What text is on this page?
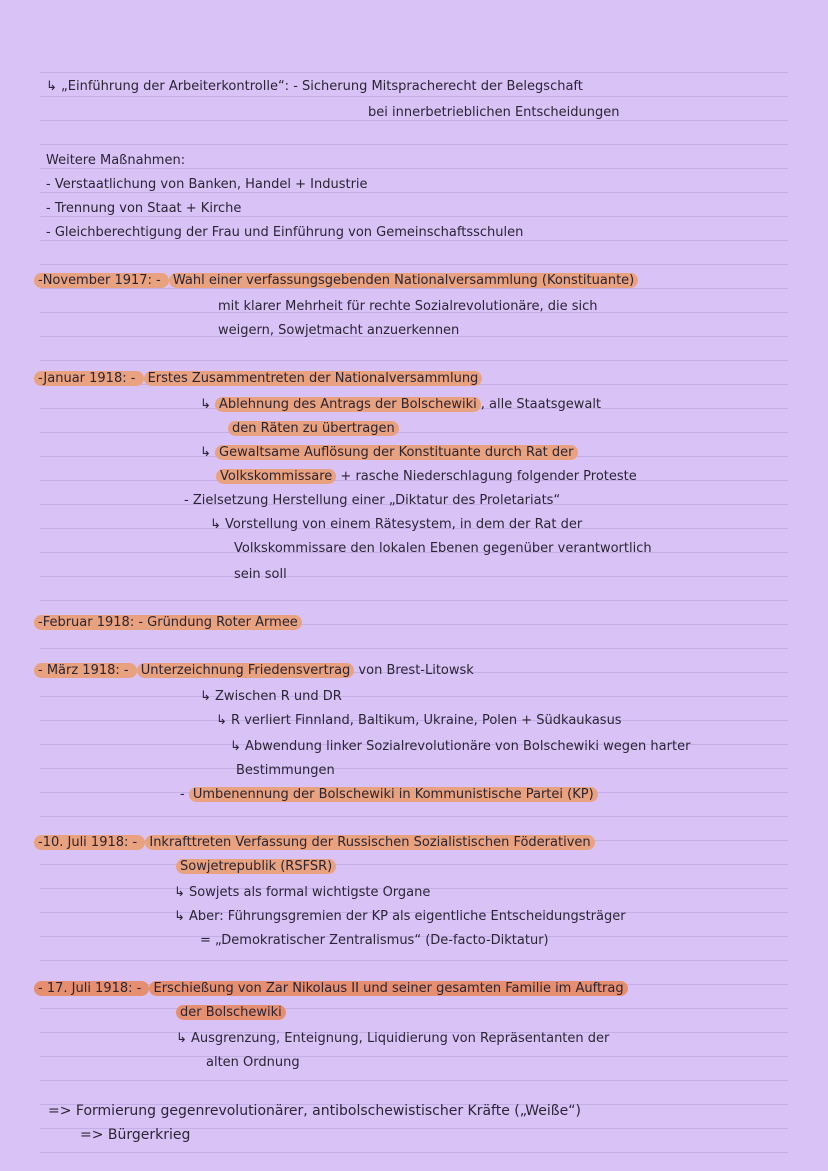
↳ „Einführung der Arbeiterkontrolle“: - Sicherung Mitspracherecht der Belegschaft
bei innerbetrieblichen Entscheidungen
Weitere Maßnahmen:
- Verstaatlichung von Banken, Handel + Industrie
- Trennung von Staat + Kirche
- Gleichberechtigung der Frau und Einführung von Gemeinschaftsschulen
-November 1917: - Wahl einer verfassungsgebenden Nationalversammlung (Konstituante)
mit klarer Mehrheit für rechte Sozialrevolutionäre, die sich
weigern, Sowjetmacht anzuerkennen
-Januar 1918: - Erstes Zusammentreten der Nationalversammlung
↳ Ablehnung des Antrags der Bolschewiki , alle Staatsgewalt
den Räten zu übertragen
↳ Gewaltsame Auflösung der Konstituante durch Rat der
Volkskommissare + rasche Niederschlagung folgender Proteste
- Zielsetzung Herstellung einer „Diktatur des Proletariats“
↳ Vorstellung von einem Rätesystem, in dem der Rat der
Volkskommissare den lokalen Ebenen gegenüber verantwortlich
sein soll
-Februar 1918: - Gründung Roter Armee
- März 1918: - Unterzeichnung Friedensvertrag von Brest-Litowsk
↳ Zwischen R und DR
↳ R verliert Finnland, Baltikum, Ukraine, Polen + Südkaukasus
↳ Abwendung linker Sozialrevolutionäre von Bolschewiki wegen harter
Bestimmungen
- Umbenennung der Bolschewiki in Kommunistische Partei (KP)
-10. Juli 1918: - Inkrafttreten Verfassung der Russischen Sozialistischen Föderativen
Sowjetrepublik (RSFSR)
↳ Sowjets als formal wichtigste Organe
↳ Aber: Führungsgremien der KP als eigentliche Entscheidungsträger
= „Demokratischer Zentralismus“ (De-facto-Diktatur)
- 17. Juli 1918: - Erschießung von Zar Nikolaus II und seiner gesamten Familie im Auftrag
der Bolschewiki
↳ Ausgrenzung, Enteignung, Liquidierung von Repräsentanten der
alten Ordnung
=> Formierung gegenrevolutionärer, antibolschewistischer Kräfte („Weiße“)
=> Bürgerkrieg
